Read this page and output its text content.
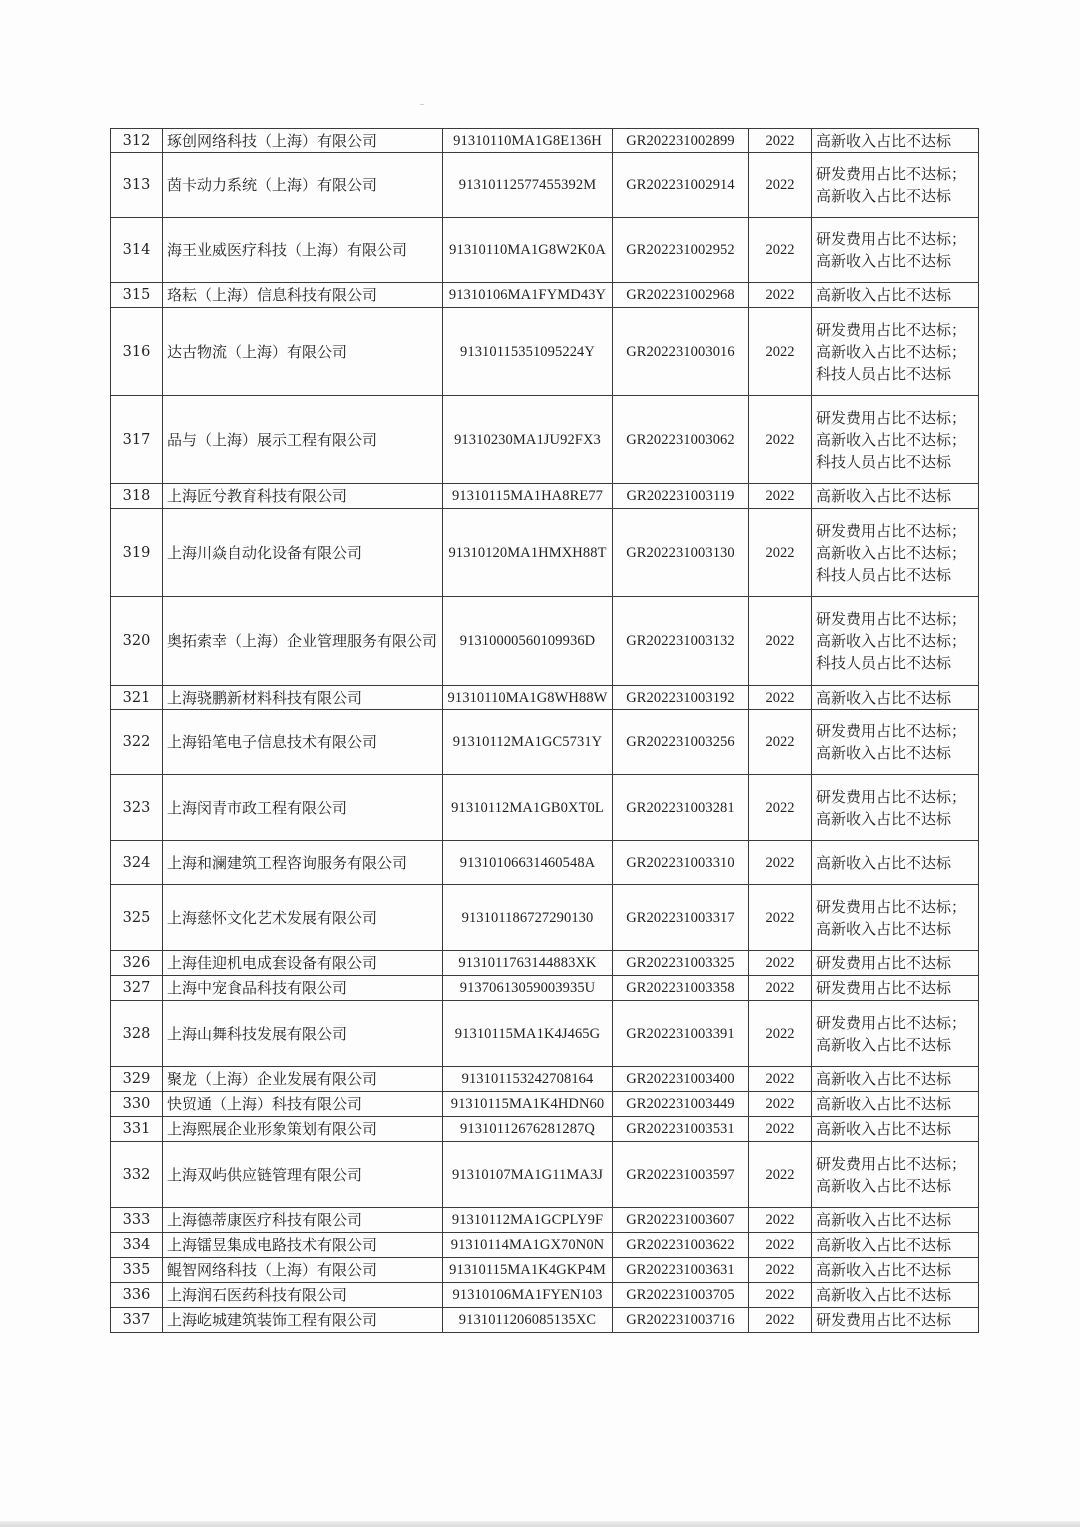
312	琢创网络科技（上海）有限公司	91310110MA1G8E136H	GR202231002899	2022	高新收入占比不达标
313	茵卡动力系统（上海）有限公司	91310112577455392M	GR202231002914	2022	研发费用占比不达标；
高新收入占比不达标
314	海王业威医疗科技（上海）有限公司	91310110MA1G8W2K0A	GR202231002952	2022	研发费用占比不达标；
高新收入占比不达标
315	珞耘（上海）信息科技有限公司	91310106MA1FYMD43Y	GR202231002968	2022	高新收入占比不达标
316	达古物流（上海）有限公司	91310115351095224Y	GR202231003016	2022	研发费用占比不达标；
高新收入占比不达标；
科技人员占比不达标
317	品与（上海）展示工程有限公司	91310230MA1JU92FX3	GR202231003062	2022	研发费用占比不达标；
高新收入占比不达标；
科技人员占比不达标
318	上海匠兮教育科技有限公司	91310115MA1HA8RE77	GR202231003119	2022	高新收入占比不达标
319	上海川焱自动化设备有限公司	91310120MA1HMXH88T	GR202231003130	2022	研发费用占比不达标；
高新收入占比不达标；
科技人员占比不达标
320	奥拓索幸（上海）企业管理服务有限公司	91310000560109936D	GR202231003132	2022	研发费用占比不达标；
高新收入占比不达标；
科技人员占比不达标
321	上海骁鹏新材料科技有限公司	91310110MA1G8WH88W	GR202231003192	2022	高新收入占比不达标
322	上海铅笔电子信息技术有限公司	91310112MA1GC5731Y	GR202231003256	2022	研发费用占比不达标；
高新收入占比不达标
323	上海闵青市政工程有限公司	91310112MA1GB0XT0L	GR202231003281	2022	研发费用占比不达标；
高新收入占比不达标
324	上海和澜建筑工程咨询服务有限公司	91310106631460548A	GR202231003310	2022	高新收入占比不达标
325	上海慈怀文化艺术发展有限公司	913101186727290130	GR202231003317	2022	研发费用占比不达标；
高新收入占比不达标
326	上海佳迎机电成套设备有限公司	9131011763144883XK	GR202231003325	2022	研发费用占比不达标
327	上海中宠食品科技有限公司	91370613059003935U	GR202231003358	2022	研发费用占比不达标
328	上海山舞科技发展有限公司	91310115MA1K4J465G	GR202231003391	2022	研发费用占比不达标；
高新收入占比不达标
329	聚龙（上海）企业发展有限公司	913101153242708164	GR202231003400	2022	高新收入占比不达标
330	快贸通（上海）科技有限公司	91310115MA1K4HDN60	GR202231003449	2022	高新收入占比不达标
331	上海熙展企业形象策划有限公司	91310112676281287Q	GR202231003531	2022	高新收入占比不达标
332	上海双屿供应链管理有限公司	91310107MA1G11MA3J	GR202231003597	2022	研发费用占比不达标；
高新收入占比不达标
333	上海德蒂康医疗科技有限公司	91310112MA1GCPLY9F	GR202231003607	2022	高新收入占比不达标
334	上海镭昱集成电路技术有限公司	91310114MA1GX70N0N	GR202231003622	2022	高新收入占比不达标
335	鲲智网络科技（上海）有限公司	91310115MA1K4GKP4M	GR202231003631	2022	高新收入占比不达标
336	上海润石医药科技有限公司	91310106MA1FYEN103	GR202231003705	2022	高新收入占比不达标
337	上海屹城建筑装饰工程有限公司	9131011206085135XC	GR202231003716	2022	研发费用占比不达标
